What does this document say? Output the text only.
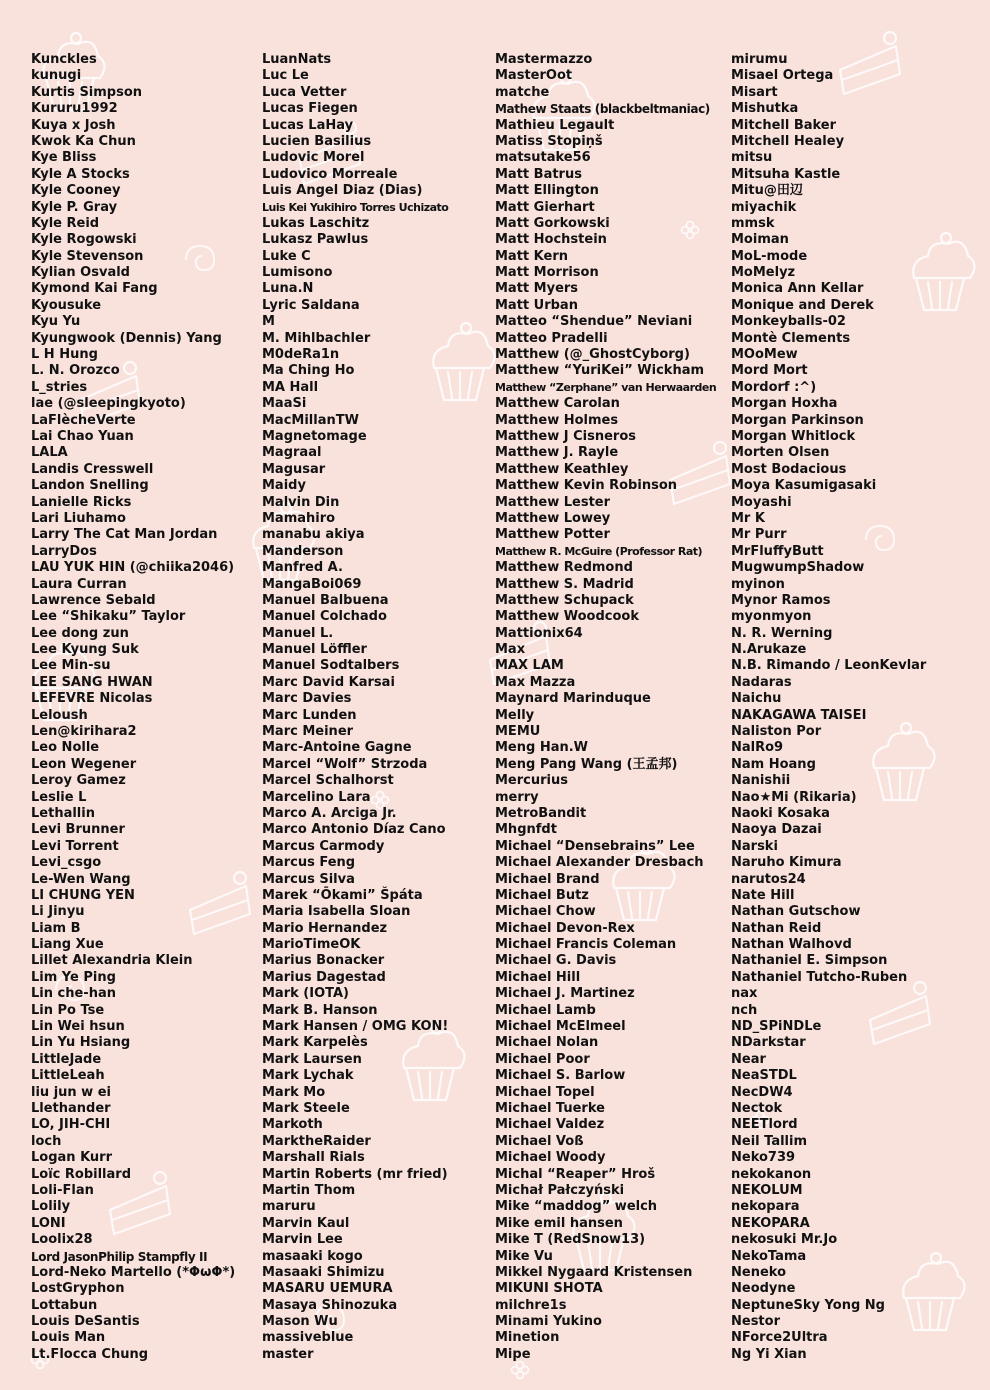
Kunckles
kunugi
Kurtis Simpson
Kururu1992
Kuya x Josh
Kwok Ka Chun
Kye Bliss
Kyle A Stocks
Kyle Cooney
Kyle P. Gray
Kyle Reid
Kyle Rogowski
Kyle Stevenson
Kylian Osvald
Kymond Kai Fang
Kyousuke
Kyu Yu
Kyungwook (Dennis) Yang
L H Hung
L. N. Orozco
L_stries
lae (@sleepingkyoto)
LaFlècheVerte
Lai Chao Yuan
LALA
Landis Cresswell
Landon Snelling
Lanielle Ricks
Lari Liuhamo
Larry The Cat Man Jordan
LarryDos
LAU YUK HIN (@chiika2046)
Laura Curran
Lawrence Sebald
Lee “Shikaku” Taylor
Lee dong zun
Lee Kyung Suk
Lee Min-su
LEE SANG HWAN
LEFEVRE Nicolas
Leloush
Len@kirihara2
Leo Nolle
Leon Wegener
Leroy Gamez
Leslie L
Lethallin
Levi Brunner
Levi Torrent
Levi_csgo
Le-Wen Wang
LI CHUNG YEN
Li Jinyu
Liam B
Liang Xue
Lillet Alexandria Klein
Lim Ye Ping
Lin che-han
Lin Po Tse
Lin Wei hsun
Lin Yu Hsiang
LittleJade
LittleLeah
liu jun w ei
Llethander
LO, JIH-CHI
loch
Logan Kurr
Loïc Robillard
Loli-Flan
Lolily
LONI
Loolix28
Lord JasonPhilip Stampfly II
Lord-Neko Martello (*ΦωΦ*)
LostGryphon
Lottabun
Louis DeSantis
Louis Man
Lt.Flocca Chung
LuanNats
Luc Le
Luca Vetter
Lucas Fiegen
Lucas LaHay
Lucien Basilius
Ludovic Morel
Ludovico Morreale
Luis Angel Diaz (Dias)
Luis Kei Yukihiro Torres Uchizato
Lukas Laschitz
Lukasz Pawlus
Luke C
Lumisono
Luna.N
Lyric Saldana
M
M. Mihlbachler
M0deRa1n
Ma Ching Ho
MA Hall
MaaSi
MacMillanTW
Magnetomage
Magraal
Magusar
Maidy
Malvin Din
Mamahiro
manabu akiya
Manderson
Manfred A.
MangaBoi069
Manuel Balbuena
Manuel Colchado
Manuel L.
Manuel Löffler
Manuel Sodtalbers
Marc David Karsai
Marc Davies
Marc Lunden
Marc Meiner
Marc-Antoine Gagne
Marcel “Wolf” Strzoda
Marcel Schalhorst
Marcelino Lara
Marco A. Arciga Jr.
Marco Antonio Díaz Cano
Marcus Carmody
Marcus Feng
Marcus Silva
Marek “Ōkami” Špáta
Maria Isabella Sloan
Mario Hernandez
MarioTimeOK
Marius Bonacker
Marius Dagestad
Mark (IOTA)
Mark B. Hanson
Mark Hansen / OMG KON!
Mark Karpelès
Mark Laursen
Mark Lychak
Mark Mo
Mark Steele
Markoth
MarktheRaider
Marshall Rials
Martin Roberts (mr fried)
Martin Thom
maruru
Marvin Kaul
Marvin Lee
masaaki kogo
Masaaki Shimizu
MASARU UEMURA
Masaya Shinozuka
Mason Wu
massiveblue
master
Mastermazzo
MasterOot
matche
Mathew Staats (blackbeltmaniac)
Mathieu Legault
Matiss Stopiņš
matsutake56
Matt Batrus
Matt Ellington
Matt Gierhart
Matt Gorkowski
Matt Hochstein
Matt Kern
Matt Morrison
Matt Myers
Matt Urban
Matteo “Shendue” Neviani
Matteo Pradelli
Matthew (@_GhostCyborg)
Matthew “YuriKei” Wickham
Matthew “Zerphane” van Herwaarden
Matthew Carolan
Matthew Holmes
Matthew J Cisneros
Matthew J. Rayle
Matthew Keathley
Matthew Kevin Robinson
Matthew Lester
Matthew Lowey
Matthew Potter
Matthew R. McGuire (Professor Rat)
Matthew Redmond
Matthew S. Madrid
Matthew Schupack
Matthew Woodcook
Mattionix64
Max
MAX LAM
Max Mazza
Maynard Marinduque
Melly
MEMU
Meng Han.W
Meng Pang Wang (王孟邦)
Mercurius
merry
MetroBandit
Mhgnfdt
Michael “Densebrains” Lee
Michael Alexander Dresbach
Michael Brand
Michael Butz
Michael Chow
Michael Devon-Rex
Michael Francis Coleman
Michael G. Davis
Michael Hill
Michael J. Martinez
Michael Lamb
Michael McElmeel
Michael Nolan
Michael Poor
Michael S. Barlow
Michael Topel
Michael Tuerke
Michael Valdez
Michael Voß
Michael Woody
Michal “Reaper” Hroš
Michał Pałczyński
Mike “maddog” welch
Mike emil hansen
Mike T (RedSnow13)
Mike Vu
Mikkel Nygaard Kristensen
MIKUNI SHOTA
milchre1s
Minami Yukino
Minetion
Mipe
mirumu
Misael Ortega
Misart
Mishutka
Mitchell Baker
Mitchell Healey
mitsu
Mitsuha Kastle
Mitu@田辺
miyachik
mmsk
Moiman
MoL-mode
MoMelyz
Monica Ann Kellar
Monique and Derek
Monkeyballs-02
Montè Clements
MOoMew
Mord Mort
Mordorf :^)
Morgan Hoxha
Morgan Parkinson
Morgan Whitlock
Morten Olsen
Most Bodacious
Moya Kasumigasaki
Moyashi
Mr K
Mr Purr
MrFluffyButt
MugwumpShadow
myinon
Mynor Ramos
myonmyon
N. R. Werning
N.Arukaze
N.B. Rimando / LeonKevlar
Nadaras
Naichu
NAKAGAWA TAISEI
Naliston Por
NalRo9
Nam Hoang
Nanishii
Nao★Mi (Rikaria)
Naoki Kosaka
Naoya Dazai
Narski
Naruho Kimura
narutos24
Nate Hill
Nathan Gutschow
Nathan Reid
Nathan Walhovd
Nathaniel E. Simpson
Nathaniel Tutcho-Ruben
nax
nch
ND_SPiNDLe
NDarkstar
Near
NeaSTDL
NecDW4
Nectok
NEETlord
Neil Tallim
Neko739
nekokanon
NEKOLUM
nekopara
NEKOPARA
nekosuki Mr.Jo
NekoTama
Neneko
Neodyne
NeptuneSky Yong Ng
Nestor
NForce2Ultra
Ng Yi Xian
